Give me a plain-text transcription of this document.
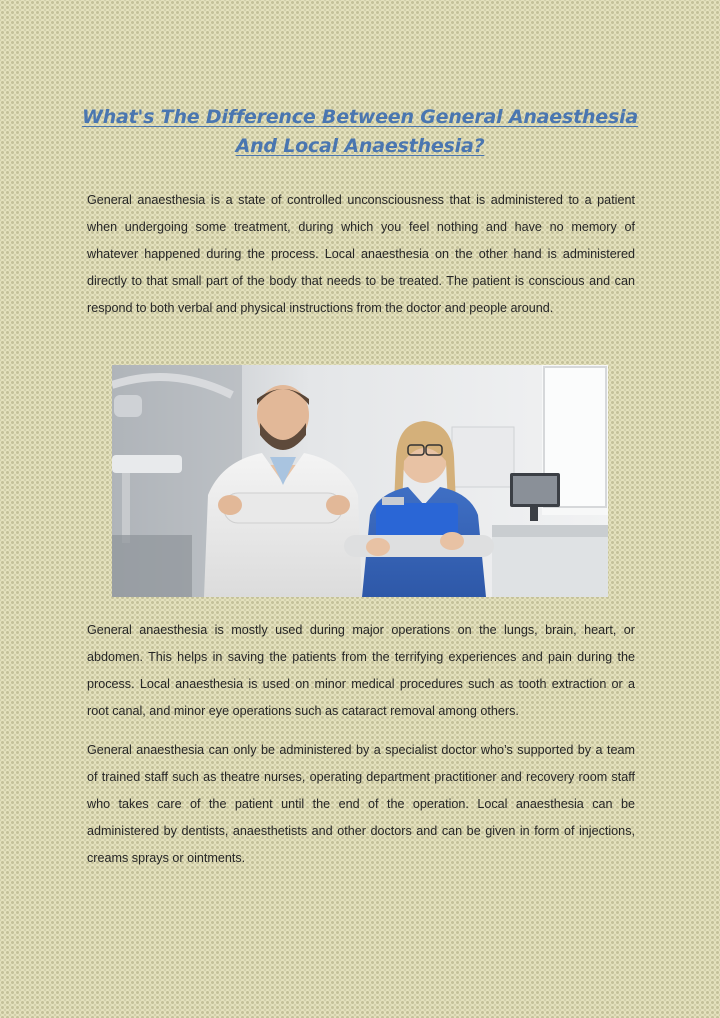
What's The Difference Between General Anaesthesia
And Local Anaesthesia?

General anaesthesia is a state of controlled unconsciousness that is administered to a patient when undergoing some treatment, during which you feel nothing and have no memory of whatever happened during the process. Local anaesthesia on the other hand is administered directly to that small part of the body that needs to be treated. The patient is conscious and can respond to both verbal and physical instructions from the doctor and people around.

General anaesthesia is mostly used during major operations on the lungs, brain, heart, or abdomen. This helps in saving the patients from the terrifying experiences and pain during the process. Local anaesthesia is used on minor medical procedures such as tooth extraction or a root canal, and minor eye operations such as cataract removal among others.

General anaesthesia can only be administered by a specialist doctor who’s supported by a team of trained staff such as theatre nurses, operating department practitioner and recovery room staff who takes care of the patient until the end of the operation. Local anaesthesia can be administered by dentists, anaesthetists and other doctors and can be given in form of injections, creams sprays or ointments.
